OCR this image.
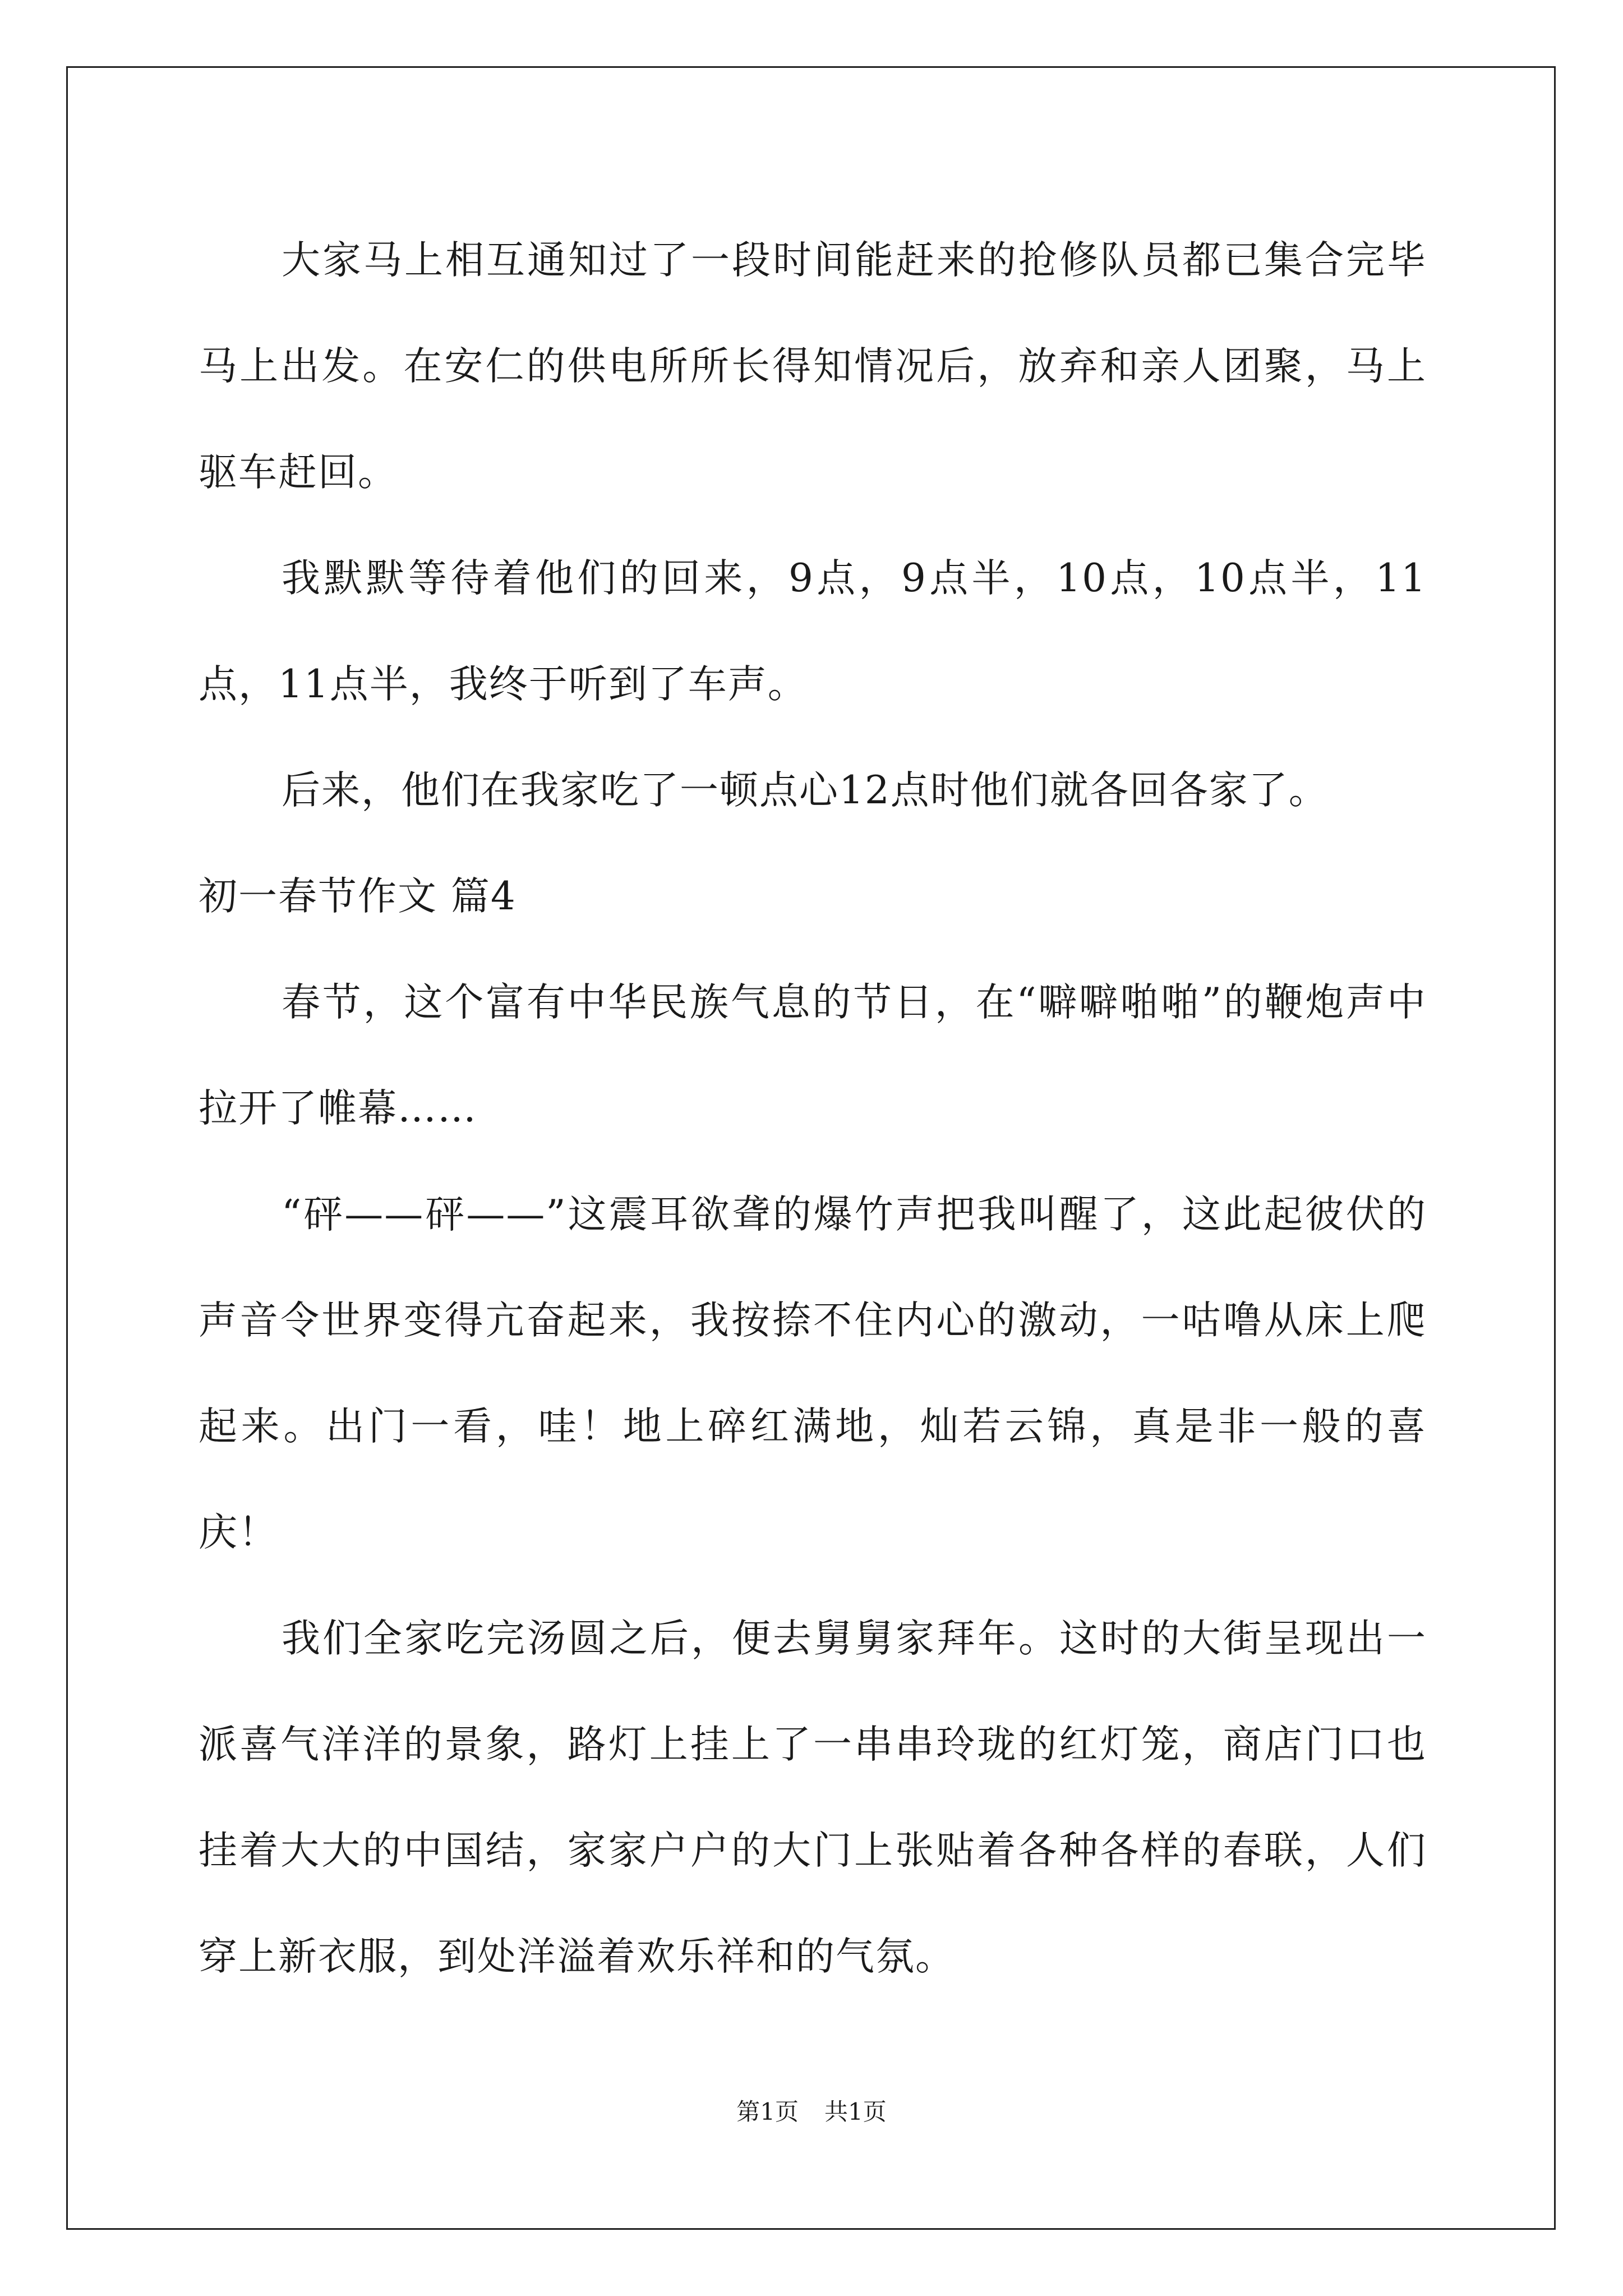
大家马上相互通知过了一段时间能赶来的抢修队员都已集合完毕马上出发。在安仁的供电所所长得知情况后，放弃和亲人团聚，马上驱车赶回。

我默默等待着他们的回来，9点，9点半，10点，10点半，11点，11点半，我终于听到了车声。

后来，他们在我家吃了一顿点心12点时他们就各回各家了。

初一春节作文 篇4

春节，这个富有中华民族气息的节日，在“噼噼啪啪”的鞭炮声中拉开了帷幕……

“砰——砰——”这震耳欲聋的爆竹声把我叫醒了，这此起彼伏的声音令世界变得亢奋起来，我按捺不住内心的激动，一咕噜从床上爬起来。出门一看，哇！地上碎红满地，灿若云锦，真是非一般的喜庆！

我们全家吃完汤圆之后，便去舅舅家拜年。这时的大街呈现出一派喜气洋洋的景象，路灯上挂上了一串串玲珑的红灯笼，商店门口也挂着大大的中国结，家家户户的大门上张贴着各种各样的春联，人们穿上新衣服，到处洋溢着欢乐祥和的气氛。

第1页 共1页
